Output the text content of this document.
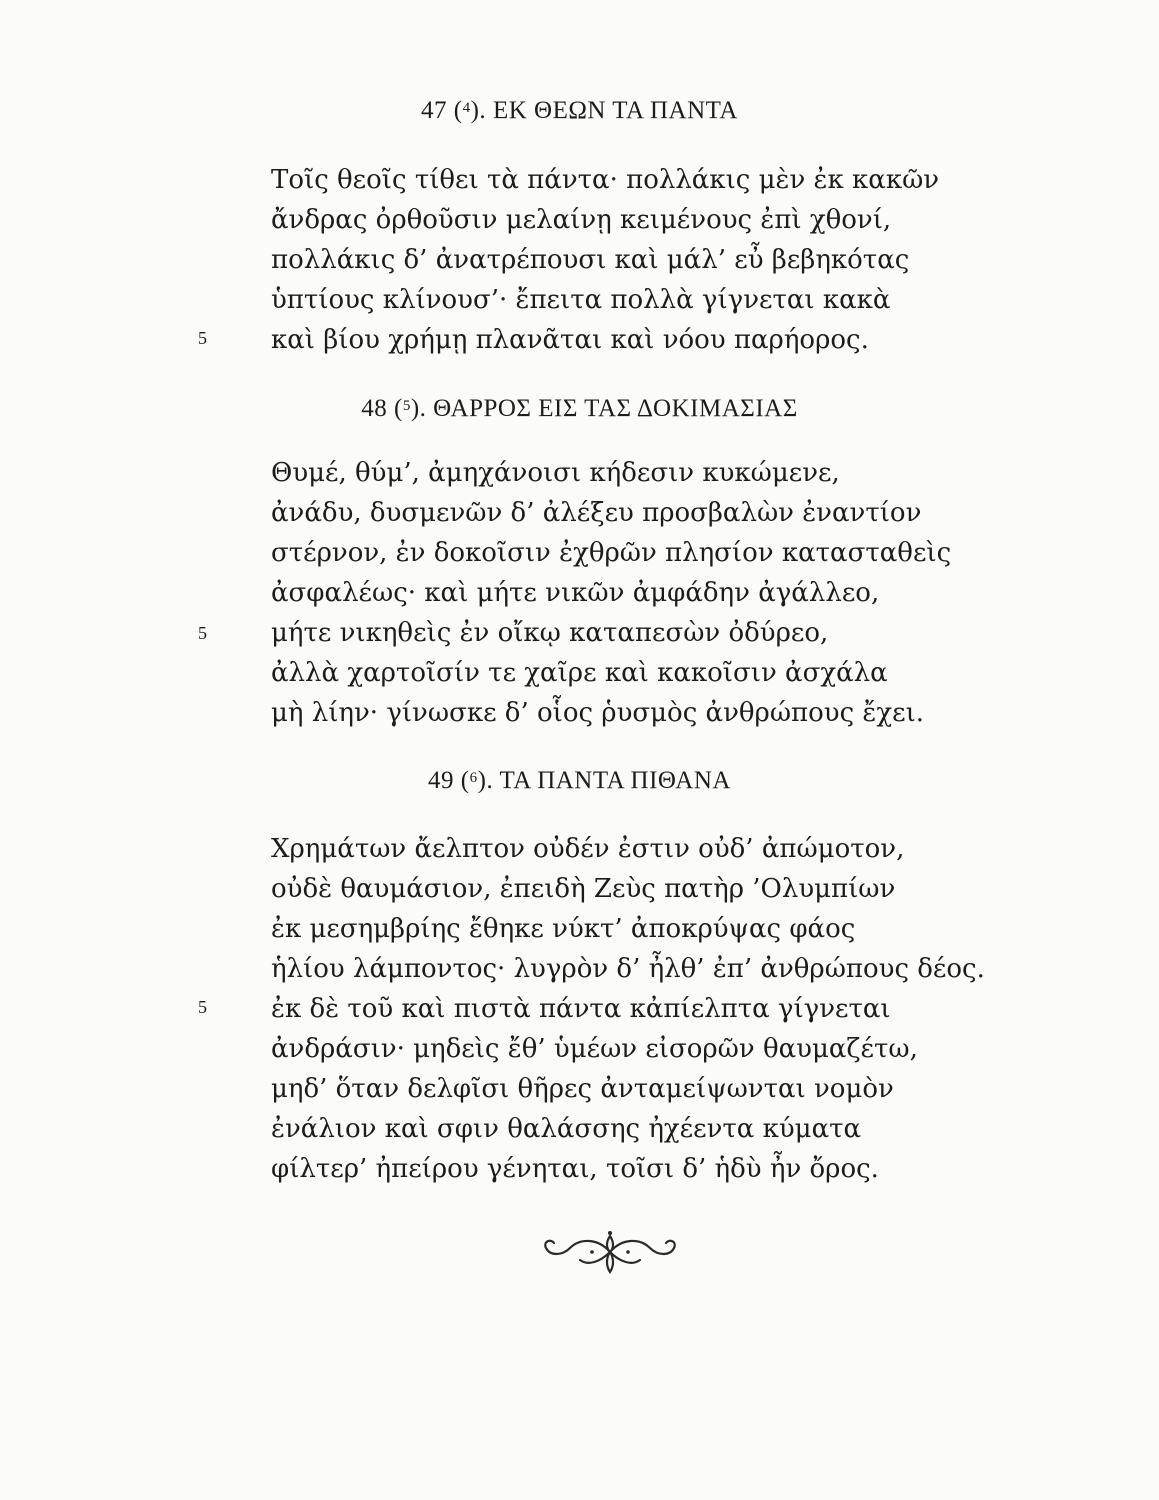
47 ($^4$). ΕΚ ΘΕΩΝ ΤΑ ΠΑΝΤΑ
Τοῖς θεοῖς τίθει τὰ πάντα· πολλάκις μὲν ἐκ κακῶν
ἄνδρας ὀρθοῦσιν μελαίνῃ κειμένους ἐπὶ χθονί,
πολλάκις δ’ ἀνατρέπουσι καὶ μάλ’ εὖ βεβηκότας
ὑπτίους κλίνουσ’· ἔπειτα πολλὰ γίγνεται κακὰ
καὶ βίου χρήμῃ πλανᾶται καὶ νόου παρήορος.
5
48 ($^5$). ΘΑΡΡΟΣ ΕΙΣ ΤΑΣ ΔΟΚΙΜΑΣΙΑΣ
Θυμέ, θύμ’, ἀμηχάνοισι κήδεσιν κυκώμενε,
ἀνάδυ, δυσμενῶν δ’ ἀλέξευ προσβαλὼν ἐναντίον
στέρνον, ἐν δοκοῖσιν ἐχθρῶν πλησίον κατασταθεὶς
ἀσφαλέως· καὶ μήτε νικῶν ἀμφάδην ἀγάλλεο,
μήτε νικηθεὶς ἐν οἴκῳ καταπεσὼν ὀδύρεο,
ἀλλὰ χαρτοῖσίν τε χαῖρε καὶ κακοῖσιν ἀσχάλα
μὴ λίην· γίνωσκε δ’ οἷος ῥυσμὸς ἀνθρώπους ἔχει.
5
49 ($^6$). ΤΑ ΠΑΝΤΑ ΠΙΘΑΝΑ
Χρημάτων ἄελπτον οὐδέν ἐστιν οὐδ’ ἀπώμοτον,
οὐδὲ θαυμάσιον, ἐπειδὴ Ζεὺς πατὴρ ’Ολυμπίων
ἐκ μεσημβρίης ἔθηκε νύκτ’ ἀποκρύψας φάος
ἡλίου λάμποντος· λυγρὸν δ’ ἦλθ’ ἐπ’ ἀνθρώπους δέος.
ἐκ δὲ τοῦ καὶ πιστὰ πάντα κἀπίελπτα γίγνεται
ἀνδράσιν· μηδεὶς ἔθ’ ὑμέων εἰσορῶν θαυμαζέτω,
μηδ’ ὅταν δελφῖσι θῆρες ἀνταμείψωνται νομὸν
ἐνάλιον καὶ σφιν θαλάσσης ἠχέεντα κύματα
φίλτερ’ ἠπείρου γένηται, τοῖσι δ’ ἡδὺ ἦν ὄρος.
5
